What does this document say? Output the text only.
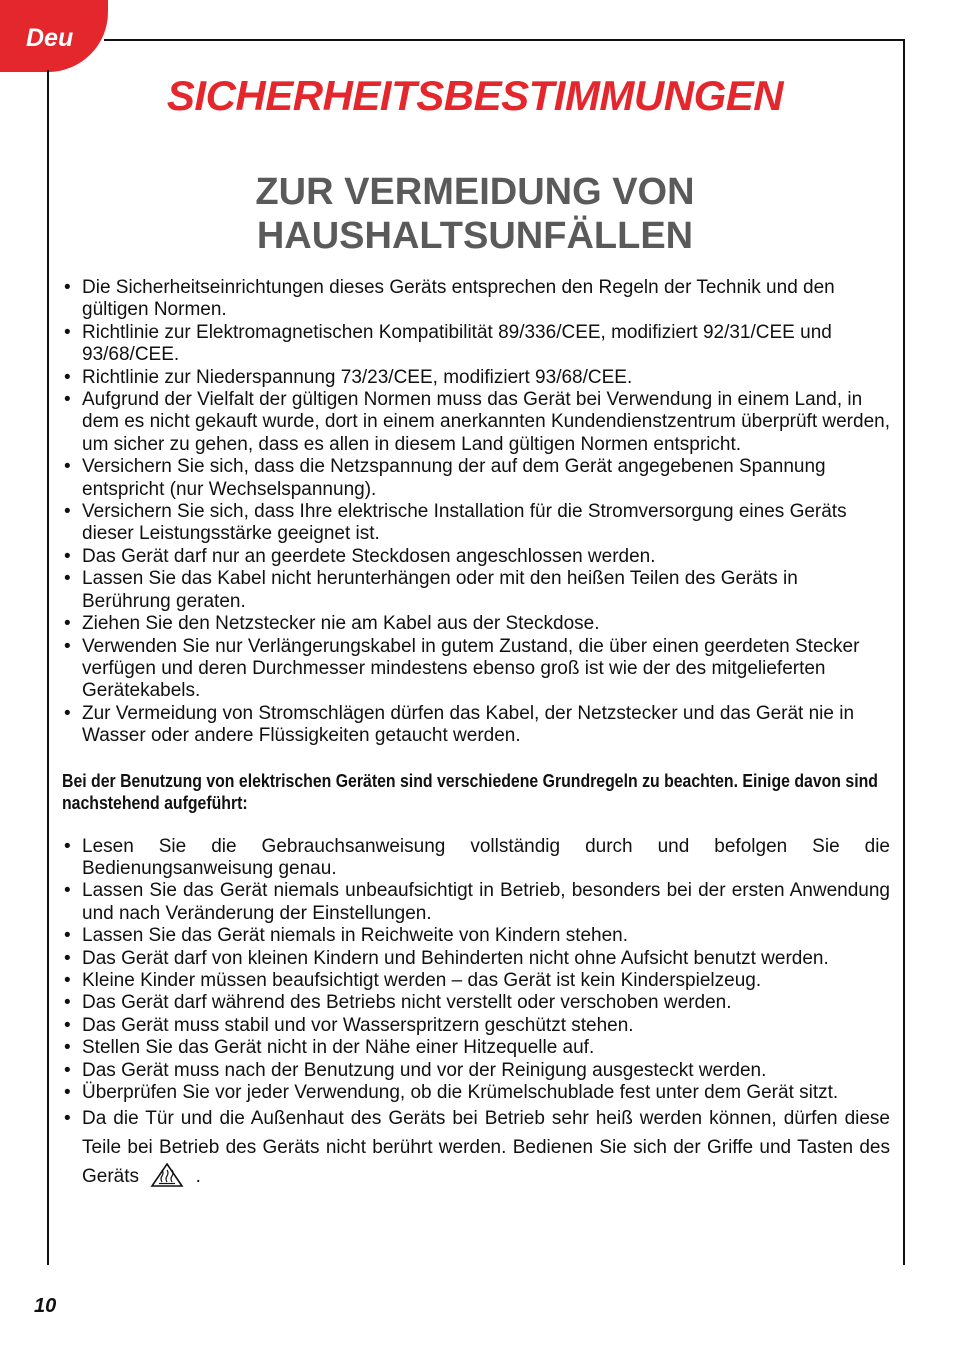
Deu
SICHERHEITSBESTIMMUNGEN
ZUR VERMEIDUNG VON
HAUSHALTSUNFÄLLEN
• Die Sicherheitseinrichtungen dieses Geräts entsprechen den Regeln der Technik und den gültigen Normen.
• Richtlinie zur Elektromagnetischen Kompatibilität 89/336/CEE, modifiziert 92/31/CEE und 93/68/CEE.
• Richtlinie zur Niederspannung 73/23/CEE, modifiziert 93/68/CEE.
• Aufgrund der Vielfalt der gültigen Normen muss das Gerät bei Verwendung in einem Land, in dem es nicht gekauft wurde, dort in einem anerkannten Kundendienstzentrum überprüft werden, um sicher zu gehen, dass es allen in diesem Land gültigen Normen entspricht.
• Versichern Sie sich, dass die Netzspannung der auf dem Gerät angegebenen Spannung entspricht (nur Wechselspannung).
• Versichern Sie sich, dass Ihre elektrische Installation für die Stromversorgung eines Geräts dieser Leistungsstärke geeignet ist.
• Das Gerät darf nur an geerdete Steckdosen angeschlossen werden.
• Lassen Sie das Kabel nicht herunterhängen oder mit den heißen Teilen des Geräts in Berührung geraten.
• Ziehen Sie den Netzstecker nie am Kabel aus der Steckdose.
• Verwenden Sie nur Verlängerungskabel in gutem Zustand, die über einen geerdeten Stecker verfügen und deren Durchmesser mindestens ebenso groß ist wie der des mitgelieferten Gerätekabels.
• Zur Vermeidung von Stromschlägen dürfen das Kabel, der Netzstecker und das Gerät nie in Wasser oder andere Flüssigkeiten getaucht werden.
Bei der Benutzung von elektrischen Geräten sind verschiedene Grundregeln zu beachten. Einige davon sind nachstehend aufgeführt:
• Lesen Sie die Gebrauchsanweisung vollständig durch und befolgen Sie die Bedienungsanweisung genau.
• Lassen Sie das Gerät niemals unbeaufsichtigt in Betrieb, besonders bei der ersten Anwendung und nach Veränderung der Einstellungen.
• Lassen Sie das Gerät niemals in Reichweite von Kindern stehen.
• Das Gerät darf von kleinen Kindern und Behinderten nicht ohne Aufsicht benutzt werden.
• Kleine Kinder müssen beaufsichtigt werden – das Gerät ist kein Kinderspielzeug.
• Das Gerät darf während des Betriebs nicht verstellt oder verschoben werden.
• Das Gerät muss stabil und vor Wasserspritzern geschützt stehen.
• Stellen Sie das Gerät nicht in der Nähe einer Hitzequelle auf.
• Das Gerät muss nach der Benutzung und vor der Reinigung ausgesteckt werden.
• Überprüfen Sie vor jeder Verwendung, ob die Krümelschublade fest unter dem Gerät sitzt.
• Da die Tür und die Außenhaut des Geräts bei Betrieb sehr heiß werden können, dürfen diese Teile bei Betrieb des Geräts nicht berührt werden. Bedienen Sie sich der Griffe und Tasten des Geräts	.
10
